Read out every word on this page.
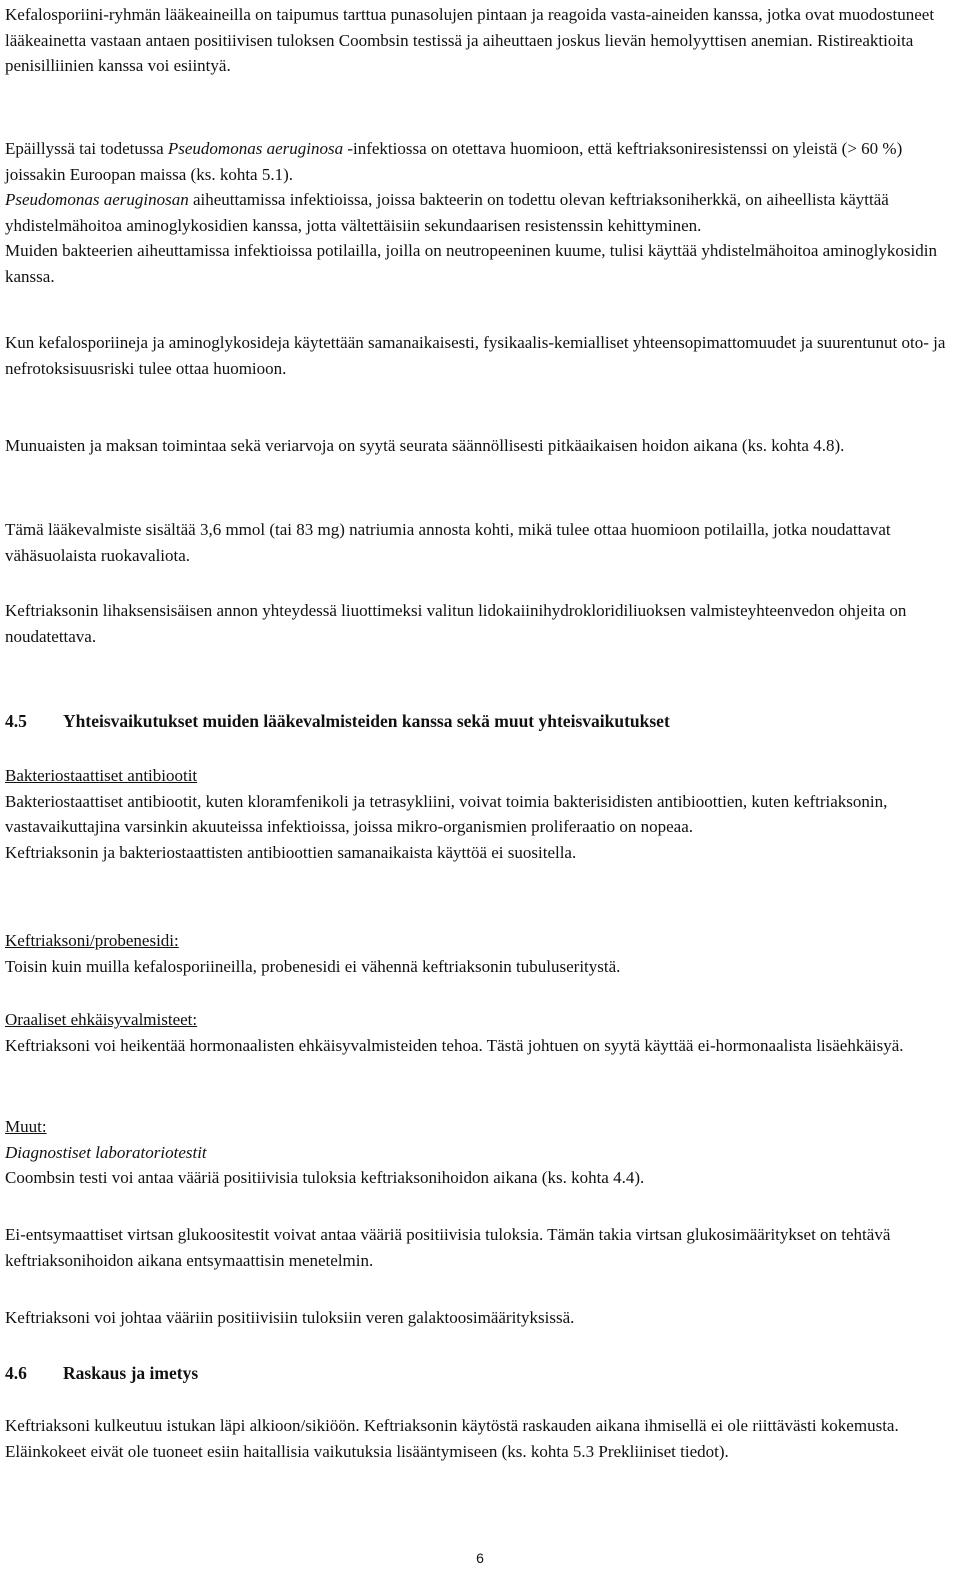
Kefalosporiini-ryhmän lääkeaineilla on taipumus tarttua punasolujen pintaan ja reagoida vasta-aineiden kanssa, jotka ovat muodostuneet lääkeainetta vastaan antaen positiivisen tuloksen Coombsin testissä ja aiheuttaen joskus lievän hemolyyttisen anemian. Ristireaktioita penisilliinien kanssa voi esiintyä.

Epäillyssä tai todetussa Pseudomonas aeruginosa -infektiossa on otettava huomioon, että keftriaksoniresistenssi on yleistä (> 60 %) joissakin Euroopan maissa (ks. kohta 5.1).

Pseudomonas aeruginosan aiheuttamissa infektioissa, joissa bakteerin on todettu olevan keftriaksoniherkkä, on aiheellista käyttää yhdistelmähoitoa aminoglykosidien kanssa, jotta vältettäisiin sekundaarisen resistenssin kehittyminen.

Muiden bakteerien aiheuttamissa infektioissa potilailla, joilla on neutropeeninen kuume, tulisi käyttää yhdistelmähoitoa aminoglykosidin kanssa.

Kun kefalosporiineja ja aminoglykosideja käytettään samanaikaisesti, fysikaalis-kemialliset yhteensopimattomuudet ja suurentunut oto- ja nefrotoksisuusriski tulee ottaa huomioon.

Munuaisten ja maksan toimintaa sekä veriarvoja on syytä seurata säännöllisesti pitkäaikaisen hoidon aikana (ks. kohta 4.8).

Tämä lääkevalmiste sisältää 3,6 mmol (tai 83 mg) natriumia annosta kohti, mikä tulee ottaa huomioon potilailla, jotka noudattavat vähäsuolaista ruokavaliota.

Keftriaksonin lihaksensisäisen annon yhteydessä liuottimeksi valitun lidokaiinihydrokloridiliuoksen valmisteyhteenvedon ohjeita on noudatettava.

4.5 Yhteisvaikutukset muiden lääkevalmisteiden kanssa sekä muut yhteisvaikutukset

Bakteriostaattiset antibiootit

Bakteriostaattiset antibiootit, kuten kloramfenikoli ja tetrasykliini, voivat toimia bakterisidisten antibioottien, kuten keftriaksonin, vastavaikuttajina varsinkin akuuteissa infektioissa, joissa mikro-organismien proliferaatio on nopeaa.

Keftriaksonin ja bakteriostaattisten antibioottien samanaikaista käyttöä ei suositella.

Keftriaksoni/probenesidi:

Toisin kuin muilla kefalosporiineilla, probenesidi ei vähennä keftriaksonin tubuluseritystä.

Oraaliset ehkäisyvalmisteet:

Keftriaksoni voi heikentää hormonaalisten ehkäisyvalmisteiden tehoa. Tästä johtuen on syytä käyttää ei-hormonaalista lisäehkäisyä.

Muut:

Diagnostiset laboratoriotestit

Coombsin testi voi antaa vääriä positiivisia tuloksia keftriaksonihoidon aikana (ks. kohta 4.4).

Ei-entsymaattiset virtsan glukoositestit voivat antaa vääriä positiivisia tuloksia. Tämän takia virtsan glukosimääritykset on tehtävä keftriaksonihoidon aikana entsymaattisin menetelmin.

Keftriaksoni voi johtaa vääriin positiivisiin tuloksiin veren galaktoosimäärityksissä.

4.6 Raskaus ja imetys

Keftriaksoni kulkeutuu istukan läpi alkioon/sikiöön. Keftriaksonin käytöstä raskauden aikana ihmisellä ei ole riittävästi kokemusta. Eläinkokeet eivät ole tuoneet esiin haitallisia vaikutuksia lisääntymiseen (ks. kohta 5.3 Prekliiniset tiedot).

6
